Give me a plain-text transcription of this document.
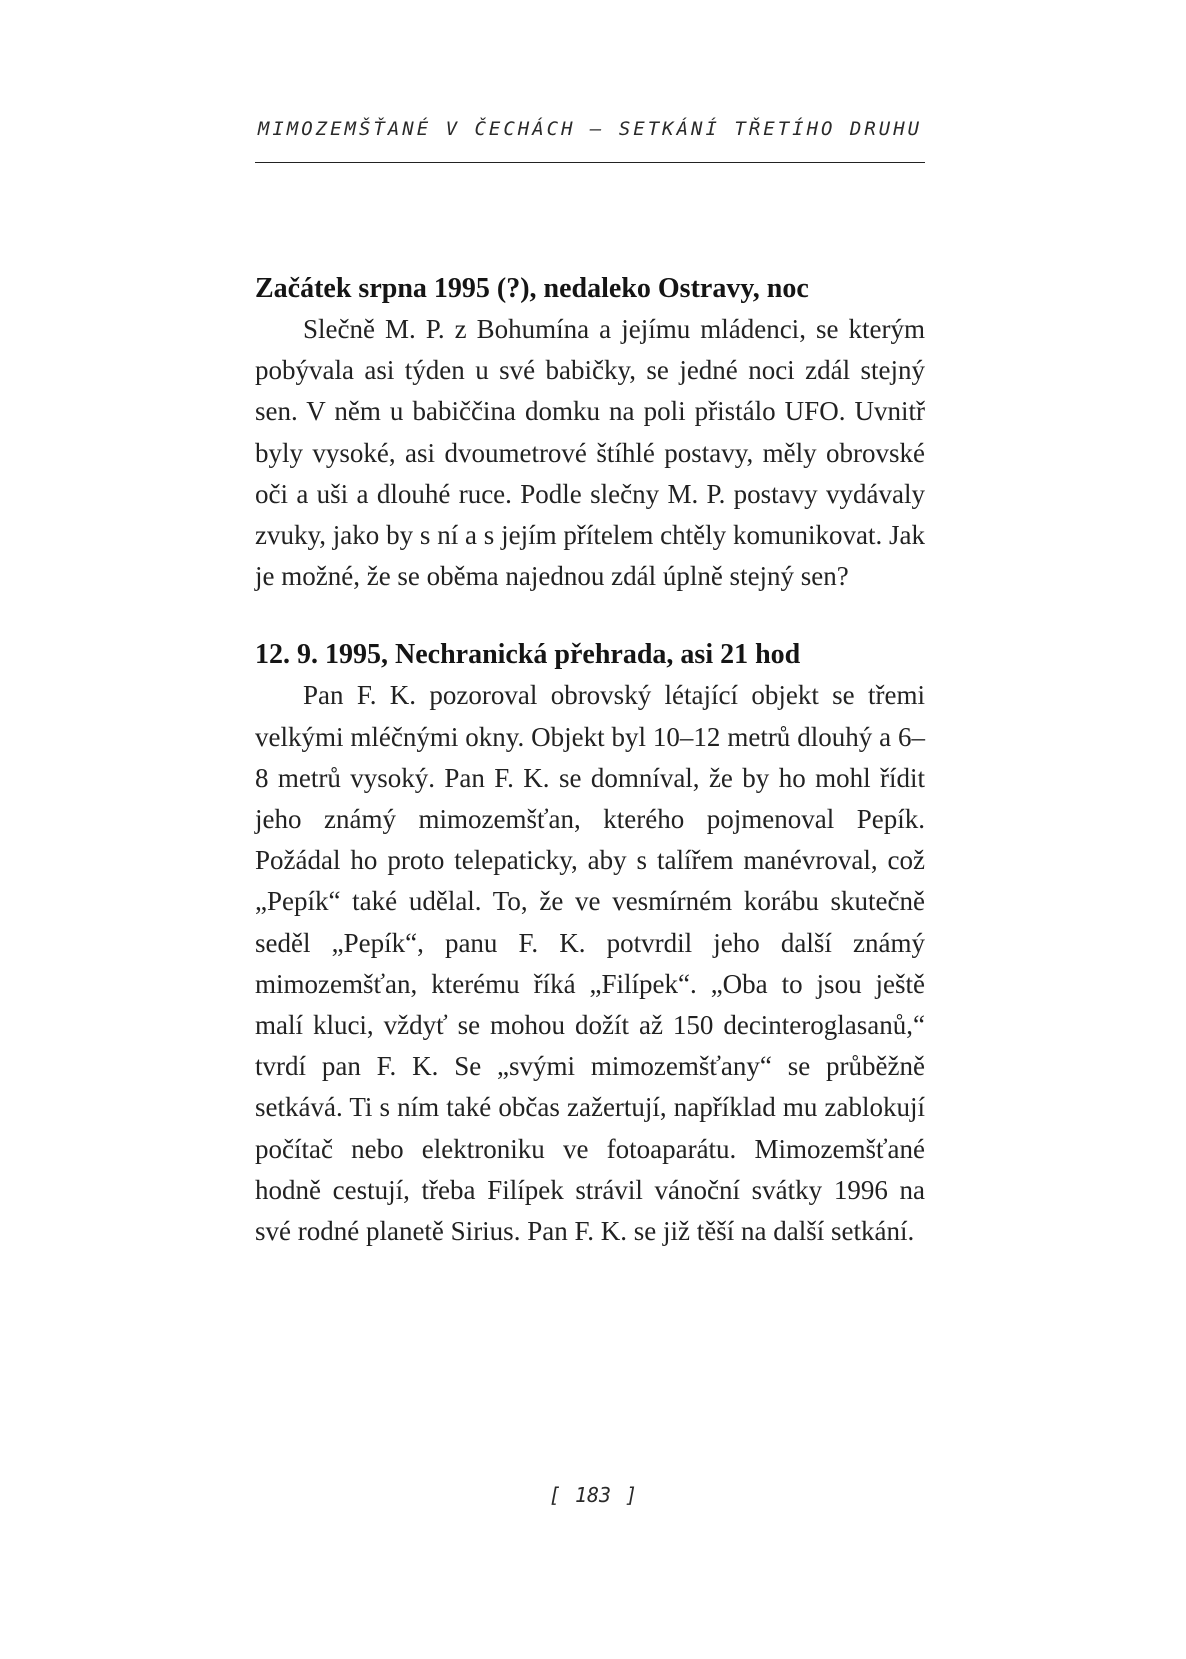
MIMOZEMŠŤANÉ V ČECHÁCH – SETKÁNÍ TŘETÍHO DRUHU
Začátek srpna 1995 (?), nedaleko Ostravy, noc

Slečně M. P. z Bohumína a jejímu mládenci, se kterým pobývala asi týden u své babičky, se jedné noci zdál stejný sen. V něm u babiččina domku na poli přistálo UFO. Uvnitř byly vysoké, asi dvoumetrové štíhlé postavy, měly obrovské oči a uši a dlouhé ruce. Podle slečny M. P. postavy vydávaly zvuky, jako by s ní a s jejím přítelem chtěly komunikovat. Jak je možné, že se oběma najednou zdál úplně stejný sen?

12. 9. 1995, Nechranická přehrada, asi 21 hod

Pan F. K. pozoroval obrovský létající objekt se třemi velkými mléčnými okny. Objekt byl 10–12 metrů dlouhý a 6–8 metrů vysoký. Pan F. K. se domníval, že by ho mohl řídit jeho známý mimozemšťan, kterého pojmenoval Pepík. Požádal ho proto telepaticky, aby s talířem manévroval, což „Pepík“ také udělal. To, že ve vesmírném korábu skutečně seděl „Pepík“, panu F. K. potvrdil jeho další známý mimozemšťan, kterému říká „Filípek“. „Oba to jsou ještě malí kluci, vždyť se mohou dožít až 150 decinteroglasanů,“ tvrdí pan F. K. Se „svými mimozemšťany“ se průběžně setkává. Ti s ním také občas zažertují, například mu zablokují počítač nebo elektroniku ve fotoaparátu. Mimozemšťané hodně cestují, třeba Filípek strávil vánoční svátky 1996 na své rodné planetě Sirius. Pan F. K. se již těší na další setkání.

[ 183 ]
